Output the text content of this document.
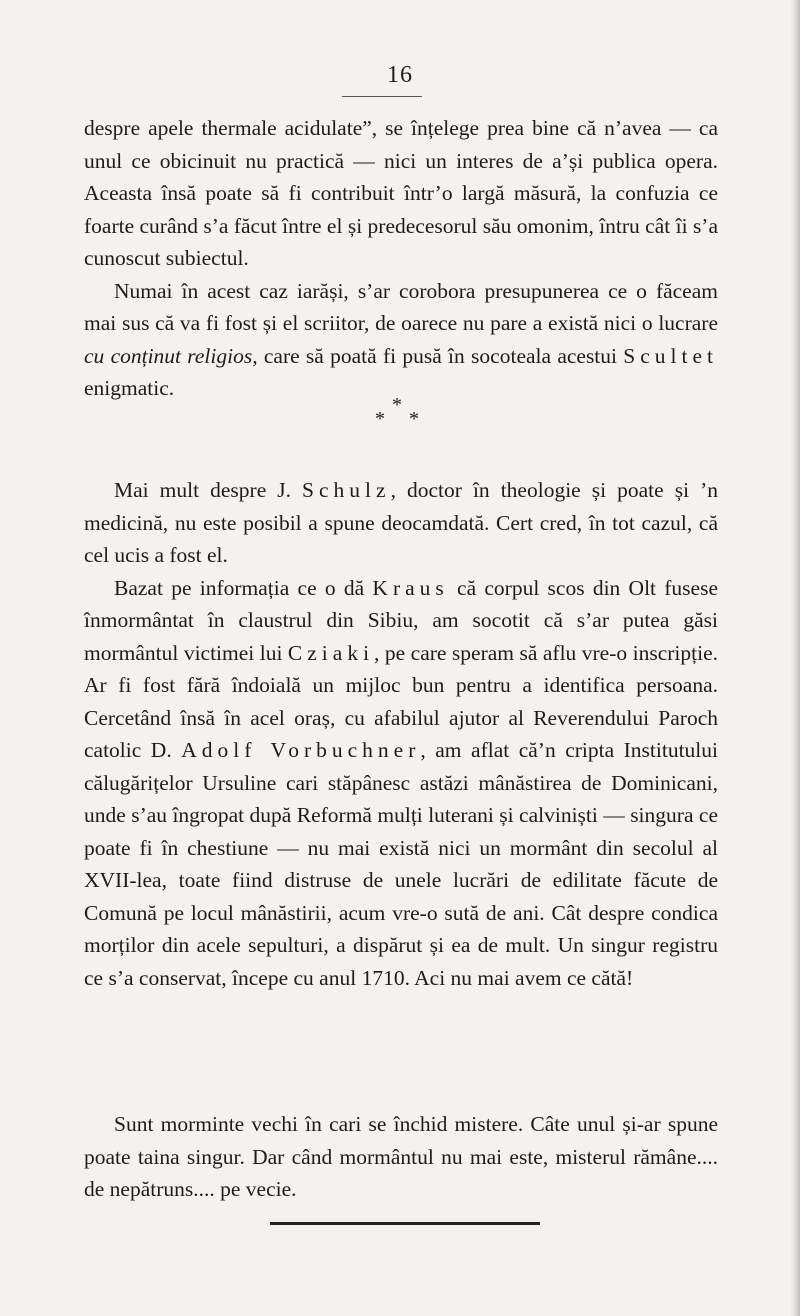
16

despre apele thermale acidulate”, se înțelege prea bine că n’avea — ca unul ce obicinuit nu practică — nici un interes de a’și publica opera. Aceasta însă poate să fi contribuit într’o largă măsură, la confuzia ce foarte curând s’a făcut între el și predecesorul său omonim, întru cât îi s’a cunoscut subiectul.

Numai în acest caz iarăși, s’ar corobora presupunerea ce o făceam mai sus că va fi fost și el scriitor, de oarece nu pare a există nici o lucrare cu conținut religios, care să poată fi pusă în socoteala acestui Scultet enigmatic.

*
* *

Mai mult despre J. Schulz, doctor în theologie și poate și ’n medicină, nu este posibil a spune deocamdată. Cert cred, în tot cazul, că cel ucis a fost el.

Bazat pe informația ce o dă Kraus că corpul scos din Olt fusese înmormântat în claustrul din Sibiu, am socotit că s’ar putea găsi mormântul victimei lui Cziaki, pe care speram să aflu vre-o inscripție. Ar fi fost fără îndoială un mijloc bun pentru a identifica persoana. Cercetând însă în acel oraș, cu afabilul ajutor al Reverendului Paroch catolic D. Adolf Vorbuchner, am aflat că’n cripta Institutului călugărițelor Ursuline cari stăpânesc astăzi mânăstirea de Dominicani, unde s’au îngropat după Reformă mulți luterani și calviniști — singura ce poate fi în chestiune — nu mai există nici un mormânt din secolul al XVII-lea, toate fiind distruse de unele lucrări de edilitate făcute de Comună pe locul mânăstirii, acum vre-o sută de ani. Cât despre condica morților din acele sepulturi, a dispărut și ea de mult. Un singur registru ce s’a conservat, începe cu anul 1710. Aci nu mai avem ce cătă!

Sunt morminte vechi în cari se închid mistere. Câte unul și-ar spune poate taina singur. Dar când mormântul nu mai este, misterul rămâne.... de nepătruns.... pe vecie.
